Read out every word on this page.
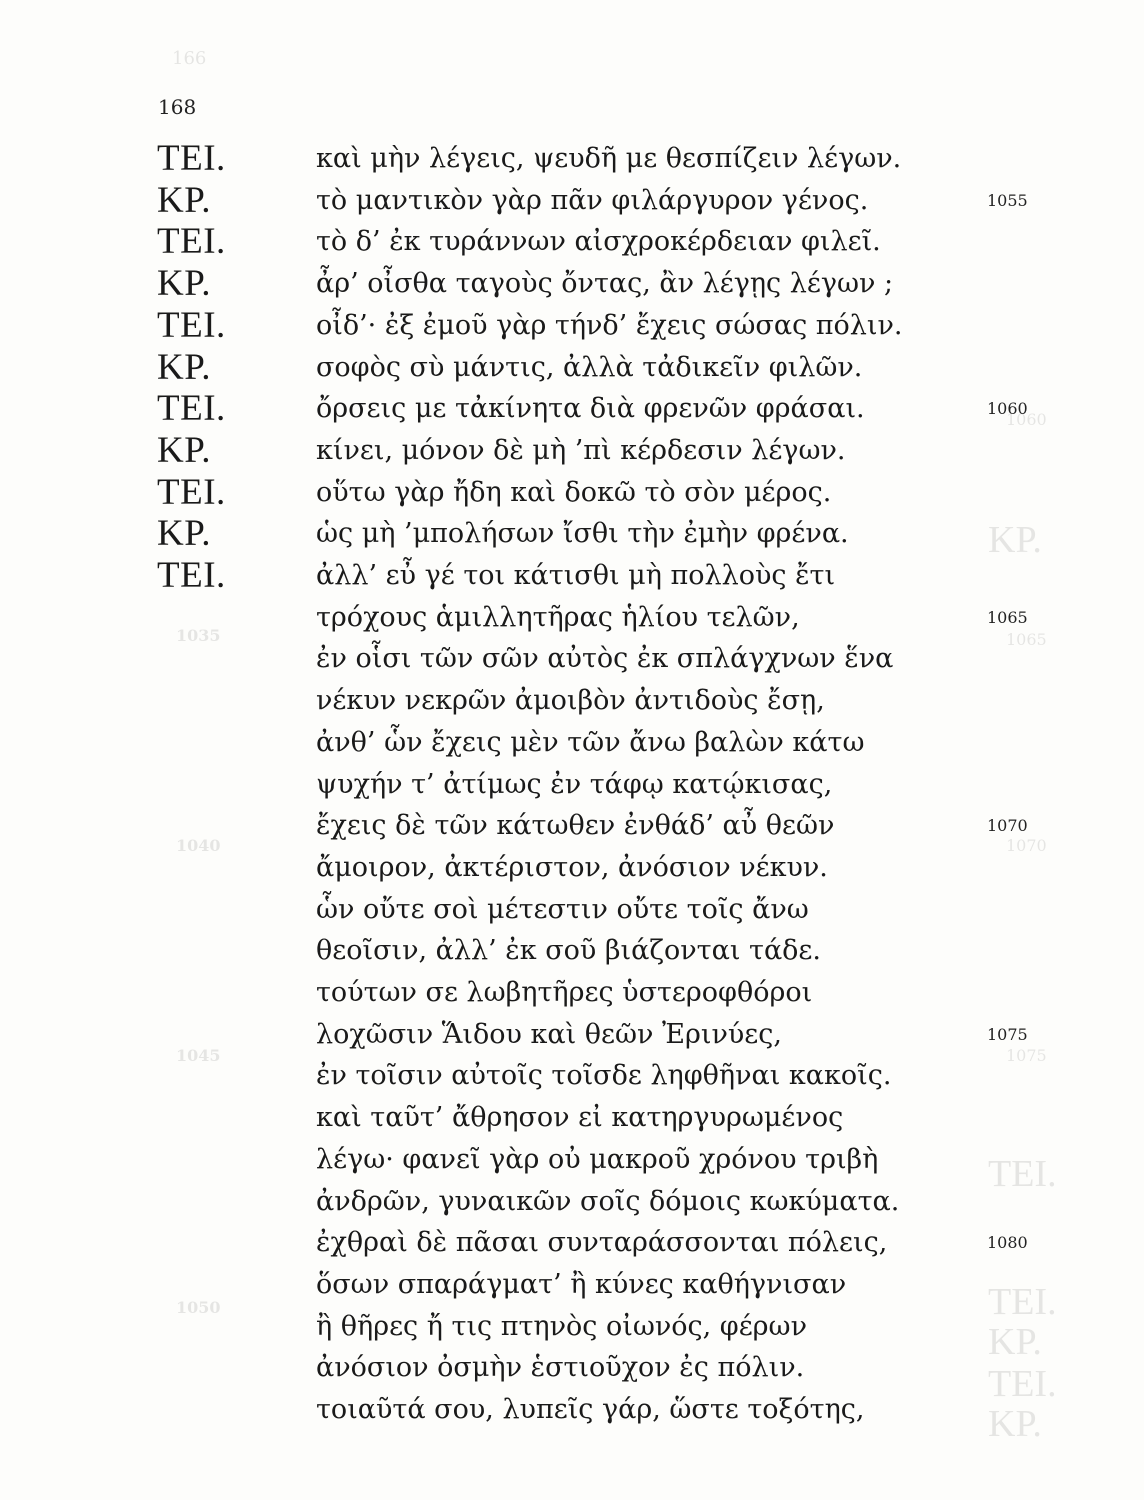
166
ΚΡ.
ΤΕΙ.
ΤΕΙ.
ΚΡ.
ΤΕΙ.
ΚΡ.
1060
1065
1070
1075
1035
1040
1045
1050
168
ΤΕΙ.	καὶ μὴν λέγεις, ψευδῆ με θεσπίζειν λέγων.
ΚΡ.	τὸ μαντικὸν γὰρ πᾶν φιλάργυρον γένος.	1055
ΤΕΙ.	τὸ δ’ ἐκ τυράννων αἰσχροκέρδειαν φιλεῖ.
ΚΡ.	ἆρ’ οἶσθα ταγοὺς ὄντας, ἂν λέγῃς λέγων ;
ΤΕΙ.	οἶδ’· ἐξ ἐμοῦ γὰρ τήνδ’ ἔχεις σώσας πόλιν.
ΚΡ.	σοφὸς σὺ μάντις, ἀλλὰ τἀδικεῖν φιλῶν.
ΤΕΙ.	ὄρσεις με τἀκίνητα διὰ φρενῶν φράσαι.	1060
ΚΡ.	κίνει, μόνον δὲ μὴ ’πὶ κέρδεσιν λέγων.
ΤΕΙ.	οὕτω γὰρ ἤδη καὶ δοκῶ τὸ σὸν μέρος.
ΚΡ.	ὡς μὴ ’μπολήσων ἴσθι τὴν ἐμὴν φρένα.
ΤΕΙ.	ἀλλ’ εὖ γέ τοι κάτισθι μὴ πολλοὺς ἔτι
τρόχους ἁμιλλητῆρας ἡλίου τελῶν,	1065
ἐν οἷσι τῶν σῶν αὐτὸς ἐκ σπλάγχνων ἕνα
νέκυν νεκρῶν ἀμοιβὸν ἀντιδοὺς ἔσῃ,
ἀνθ’ ὧν ἔχεις μὲν τῶν ἄνω βαλὼν κάτω
ψυχήν τ’ ἀτίμως ἐν τάφῳ κατῴκισας,
ἔχεις δὲ τῶν κάτωθεν ἐνθάδ’ αὖ θεῶν	1070
ἄμοιρον, ἀκτέριστον, ἀνόσιον νέκυν.
ὧν οὔτε σοὶ μέτεστιν οὔτε τοῖς ἄνω
θεοῖσιν, ἀλλ’ ἐκ σοῦ βιάζονται τάδε.
τούτων σε λωβητῆρες ὑστεροφθόροι
λοχῶσιν Ἅιδου καὶ θεῶν Ἐρινύες,	1075
ἐν τοῖσιν αὐτοῖς τοῖσδε ληφθῆναι κακοῖς.
καὶ ταῦτ’ ἄθρησον εἰ κατηργυρωμένος
λέγω· φανεῖ γὰρ οὐ μακροῦ χρόνου τριβὴ
ἀνδρῶν, γυναικῶν σοῖς δόμοις κωκύματα.
ἐχθραὶ δὲ πᾶσαι συνταράσσονται πόλεις,	1080
ὅσων σπαράγματ’ ἢ κύνες καθήγνισαν
ἢ θῆρες ἤ τις πτηνὸς οἰωνός, φέρων
ἀνόσιον ὀσμὴν ἑστιοῦχον ἐς πόλιν.
τοιαῦτά σου, λυπεῖς γάρ, ὥστε τοξότης,
